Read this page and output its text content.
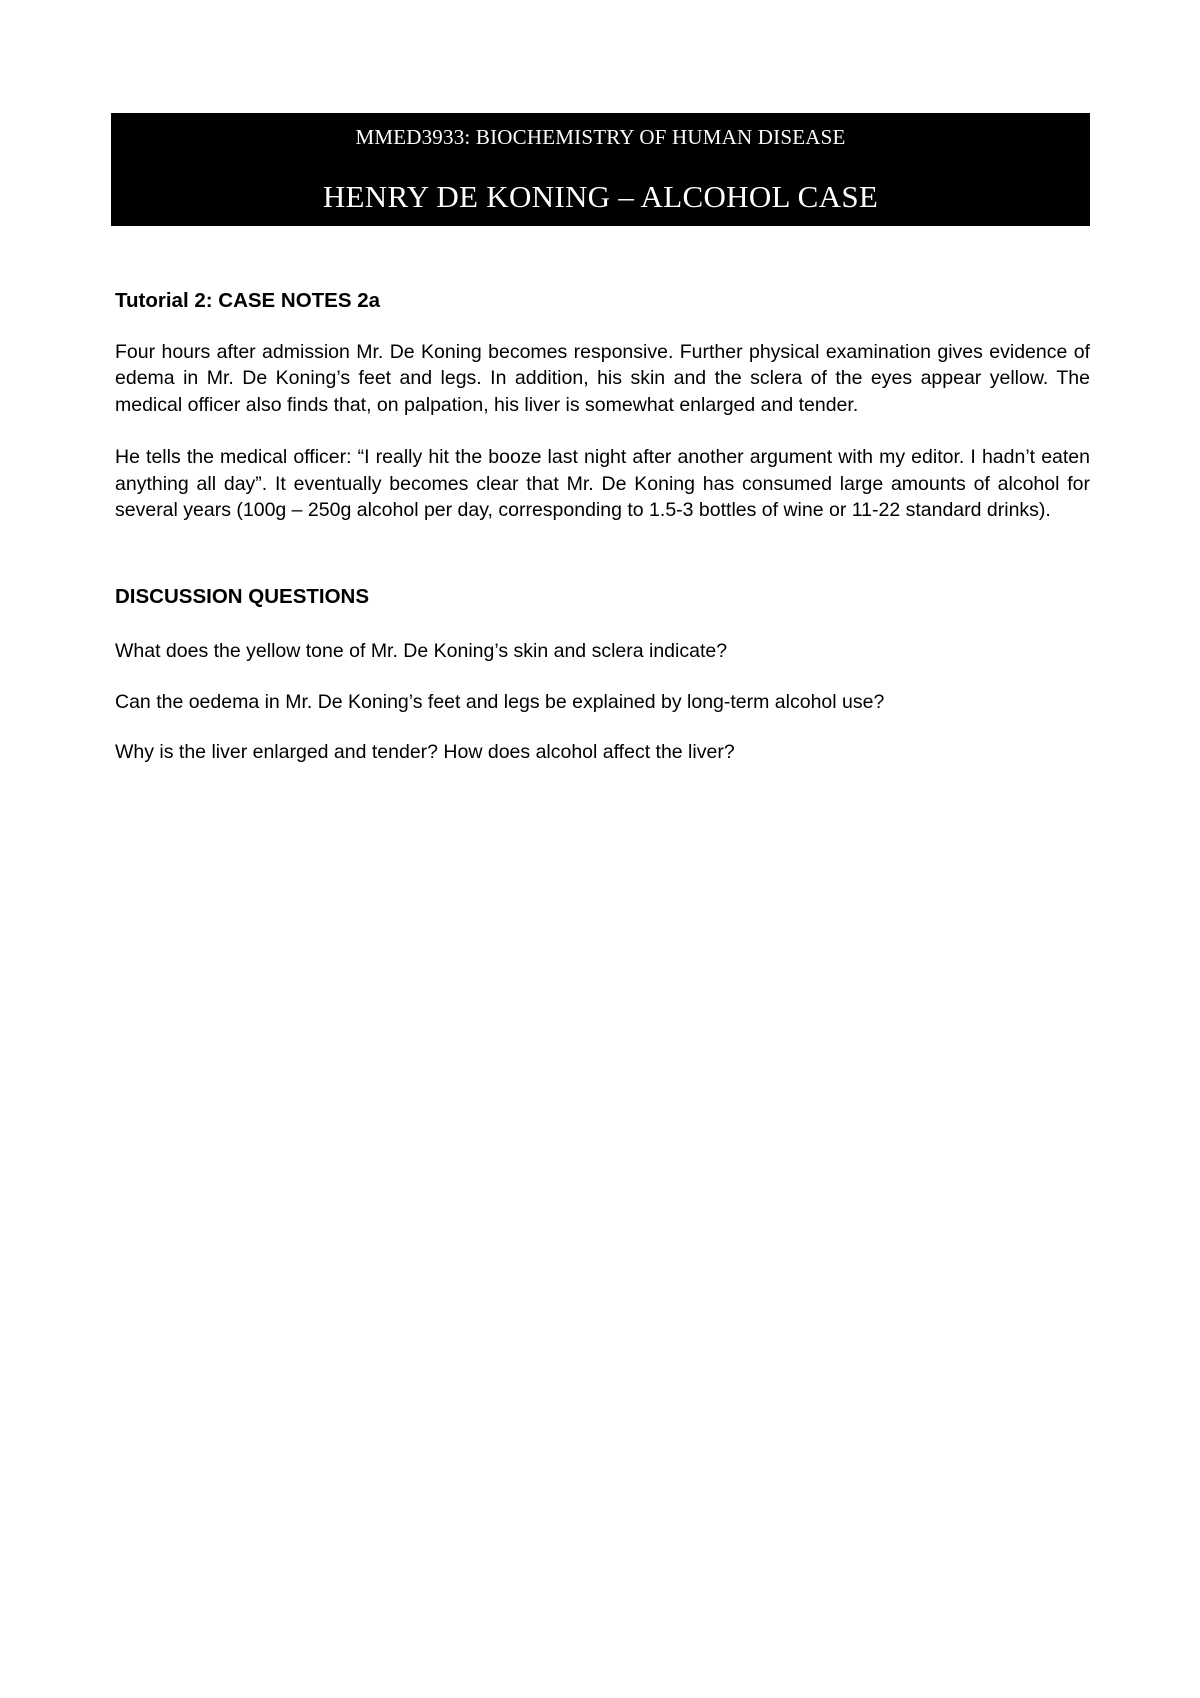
MMED3933: BIOCHEMISTRY OF HUMAN DISEASE
HENRY DE KONING – ALCOHOL CASE
Tutorial 2: CASE NOTES 2a

Four hours after admission Mr. De Koning becomes responsive. Further physical examination gives evidence of edema in Mr. De Koning’s feet and legs. In addition, his skin and the sclera of the eyes appear yellow. The medical officer also finds that, on palpation, his liver is somewhat enlarged and tender.

He tells the medical officer: “I really hit the booze last night after another argument with my editor. I hadn’t eaten anything all day”. It eventually becomes clear that Mr. De Koning has consumed large amounts of alcohol for several years (100g – 250g alcohol per day, corresponding to 1.5-3 bottles of wine or 11-22 standard drinks).

DISCUSSION QUESTIONS

What does the yellow tone of Mr. De Koning’s skin and sclera indicate?

Can the oedema in Mr. De Koning’s feet and legs be explained by long-term alcohol use?

Why is the liver enlarged and tender? How does alcohol affect the liver?
